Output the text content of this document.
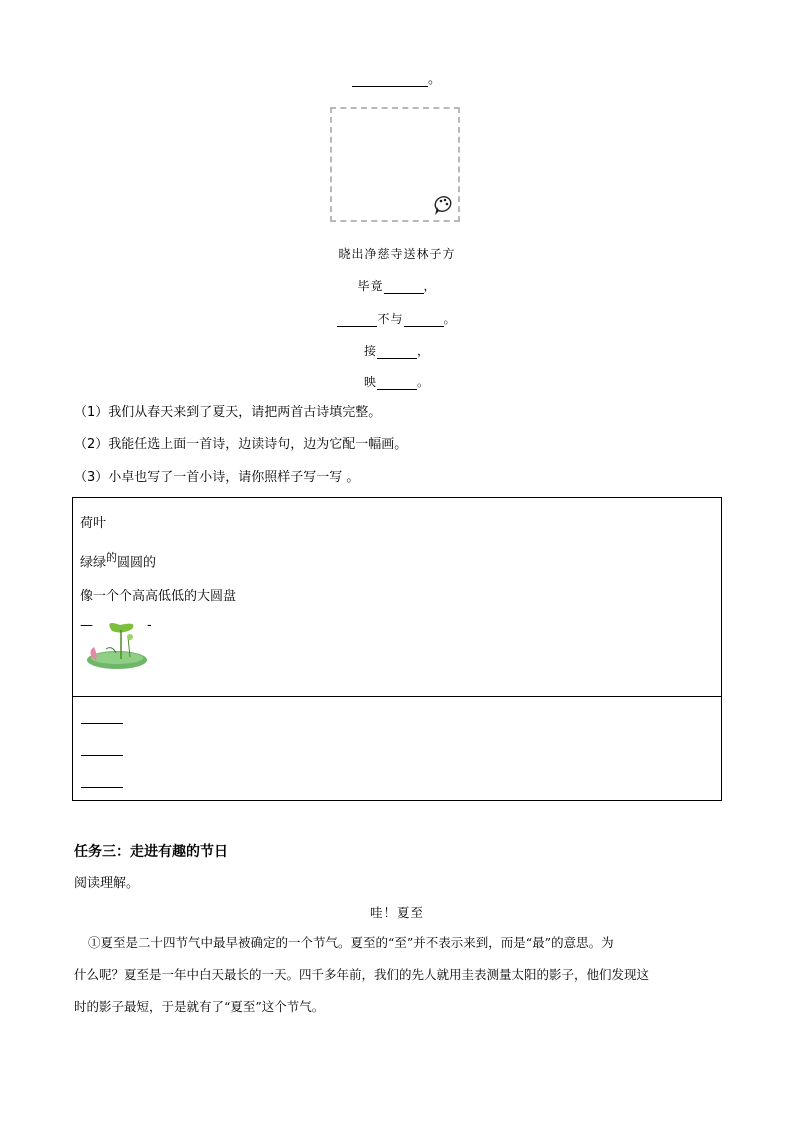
。
晓出净慈寺送林子方
毕竟	，
不与	。
接	，
映	。
（1）我们从春天来到了夏天，请把两首古诗填完整。
（2）我能任选上面一首诗，边读诗句，边为它配一幅画。
（3）小卓也写了一首小诗，请你照样子写一写 。
荷叶
绿绿$^的$圆圆的
像一个个高高低低的大圆盘
—	-
任务三：走进有趣的节日
阅读理解。
哇！夏至
①夏至是二十四节气中最早被确定的一个节气。夏至的“至”并不表示来到，而是“最”的意思。为
什么呢？夏至是一年中白天最长的一天。四千多年前，我们的先人就用圭表测量太阳的影子，他们发现这
时的影子最短，于是就有了“夏至”这个节气。
